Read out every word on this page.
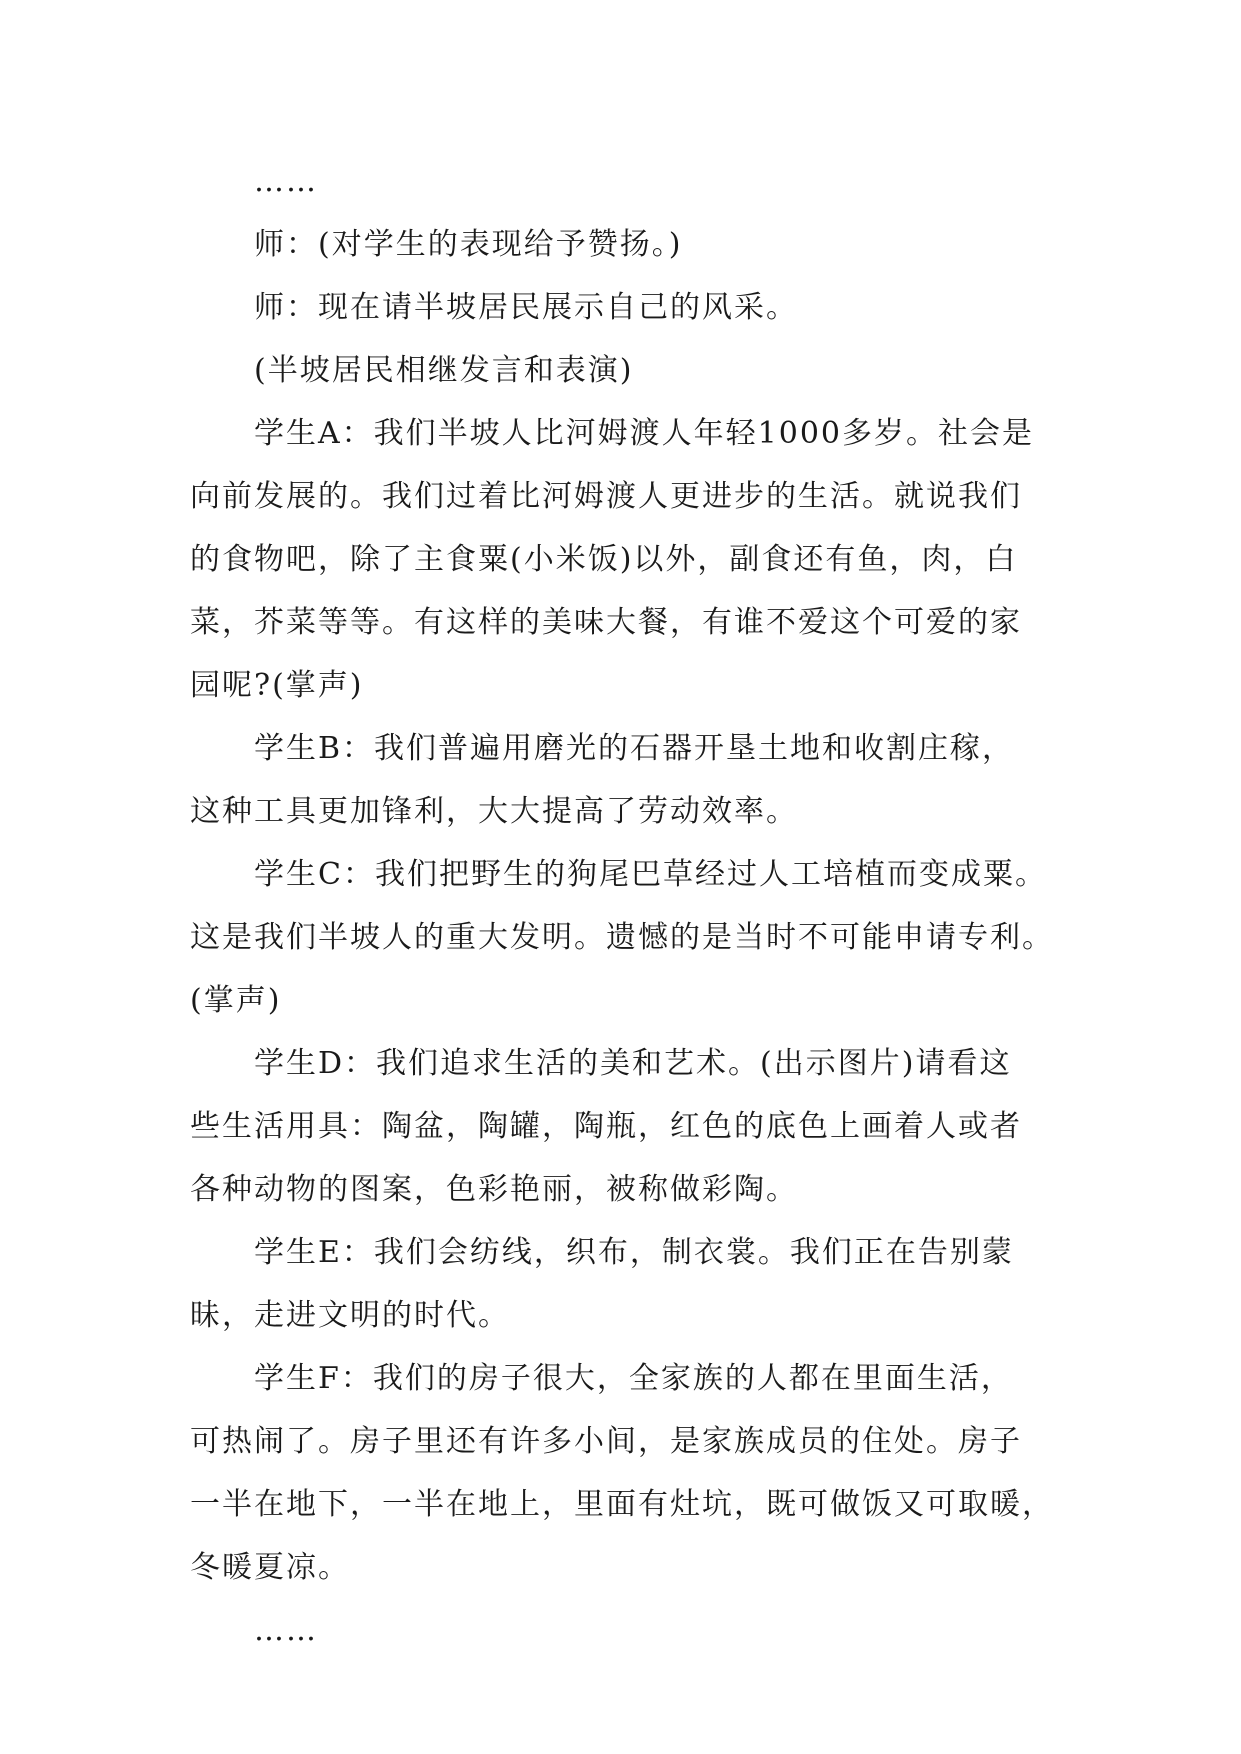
……

师：(对学生的表现给予赞扬。)

师：现在请半坡居民展示自己的风采。

(半坡居民相继发言和表演)

学生A：我们半坡人比河姆渡人年轻1000多岁。社会是

向前发展的。我们过着比河姆渡人更进步的生活。就说我们

的食物吧，除了主食粟(小米饭)以外，副食还有鱼，肉，白

菜，芥菜等等。有这样的美味大餐，有谁不爱这个可爱的家

园呢?(掌声)

学生B：我们普遍用磨光的石器开垦土地和收割庄稼，

这种工具更加锋利，大大提高了劳动效率。

学生C：我们把野生的狗尾巴草经过人工培植而变成粟。

这是我们半坡人的重大发明。遗憾的是当时不可能申请专利。

(掌声)

学生D：我们追求生活的美和艺术。(出示图片)请看这

些生活用具：陶盆，陶罐，陶瓶，红色的底色上画着人或者

各种动物的图案，色彩艳丽，被称做彩陶。

学生E：我们会纺线，织布，制衣裳。我们正在告别蒙

昧，走进文明的时代。

学生F：我们的房子很大，全家族的人都在里面生活，

可热闹了。房子里还有许多小间，是家族成员的住处。房子

一半在地下，一半在地上，里面有灶坑，既可做饭又可取暖，

冬暖夏凉。

……
